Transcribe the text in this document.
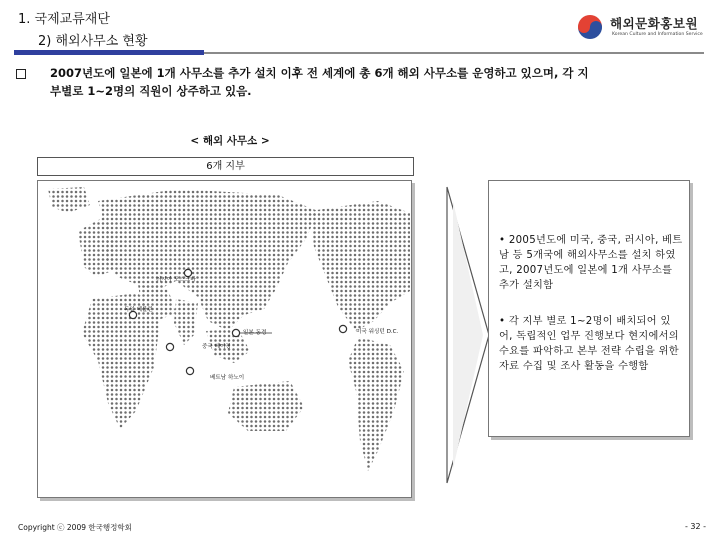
1. 국제교류재단
2) 해외사무소 현황
해외문화홍보원
Korean Culture and Information Service
2007년도에 일본에 1개 사무소를 추가 설치 이후 전 세계에 총 6개 해외 사무소를 운영하고 있으며, 각 지
부별로 1~2명의 직원이 상주하고 있음.
< 해외 사무소 >
6개 지부
러시아 모스크바
독일 베를린
일본 동경
중국 베이징
베트남 하노이
미국 워싱턴 D.C.
• 2005년도에 미국, 중국, 러시아, 베트남 등 5개국에 해외사무소를 설치 하였고, 2007년도에 일본에 1개 사무소를 추가 설치함
• 각 지부 별로 1~2명이 배치되어 있어, 독립적인 업무 진행보다 현지에서의 수요를 파악하고 본부 전략 수립을 위한 자료 수집 및 조사 활동을 수행함
Copyright ⓒ 2009 한국행정학회	- 32 -
